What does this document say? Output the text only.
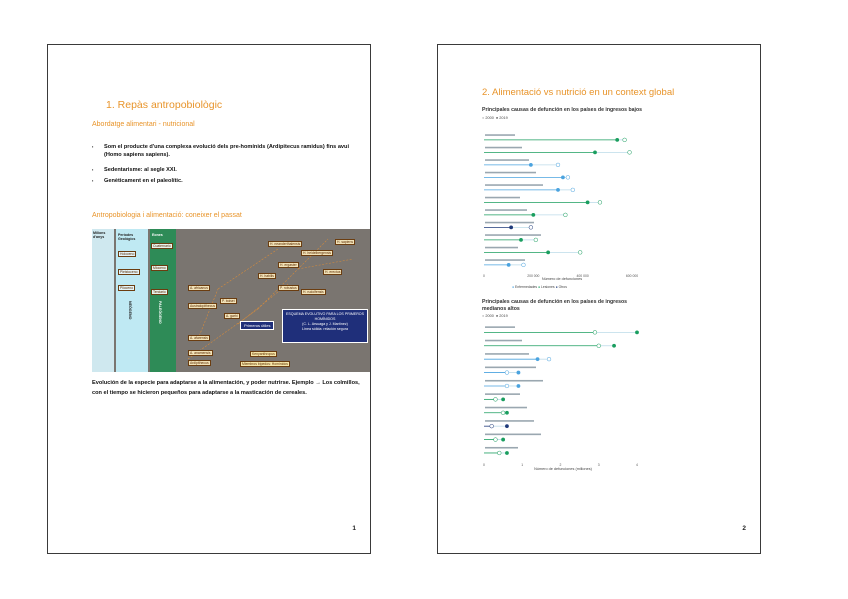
1. Repàs antropobiològic
Abordatge alimentari - nutricional
▪ Som el producte d'una complexa evolució dels pre-homínids (Ardipitecus ramidus) fins avui (Homo sapiens sapiens).
▪ Sedentarisme: al segle XXI.
▪ Genèticament en el paleolític.
Antropobiologia i alimentació: coneixer el passat
Milions d'anys	Períodes Geològics
Holoceno
Pleistoceno
Plioceno
NEÓGENO
Eones
Cuaternario
Mioceno
Terciario
PALEÓGENO
H. neanderthalensis	H. sapiens
H. heidelbergensis
H. ergaster
H. erectus
H. habilis
H. rudolfensis
P. robustus
P. boisei
A. africanus
Australopithecus
A. garhi
A. afarensis
A. anamensis
Ardipithecus	Miembros bípedos: Hominídos
Kenyanthropus
ESQUEMA EVOLUTIVO PARA LOS PRIMEROS HOMÍNIDOS
(C. L. Arsuaga y J. Martínez)
Línea sólida: relación segura
Primeros útiles
Evolución de la especie para adaptarse a la alimentación, y poder nutrirse. Ejemplo → Los colmillos, con el tiempo se hicieron pequeños para adaptarse a la masticación de cereales.
1
2. Alimentació vs nutrició en un context global
Principales causas de defunción en los países de ingresos bajos
○ 2000  ● 2019
0	200 000	400 000	600 000
Número de defunciones
● Enfermedades ● Lesiones ● Otros
Principales causas de defunción en los países de ingresos medianos altos
○ 2000  ● 2019
0	1	2	3	4
Número de defunciones (millones)
2
